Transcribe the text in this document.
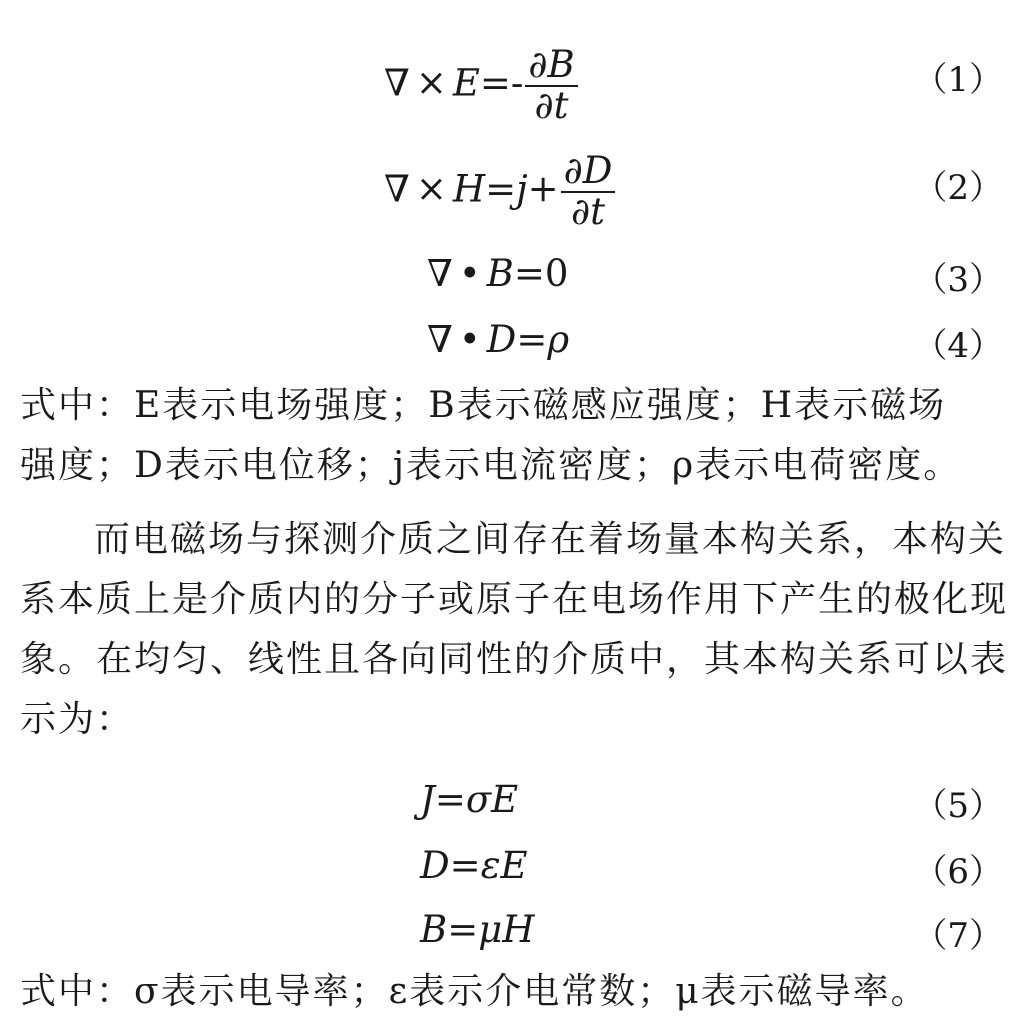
∇ × $E=- \frac{\partial B}{\partial t}$	（1）
∇ × $H=j+ \frac{\partial D}{\partial t}$	（2）
∇ • B=0	（3）
∇ • D=ρ	（4）

式中：E表示电场强度；B表示磁感应强度；H表示磁场

强度；D表示电位移；j表示电流密度；ρ表示电荷密度。

而电磁场与探测介质之间存在着场量本构关系，本构关系本质上是介质内的分子或原子在电场作用下产生的极化现象。在均匀、线性且各向同性的介质中，其本构关系可以表示为：

J=σE	（5）
D=εE	（6）
B=μH	（7）

式中：σ表示电导率；ε表示介电常数；μ表示磁导率。
